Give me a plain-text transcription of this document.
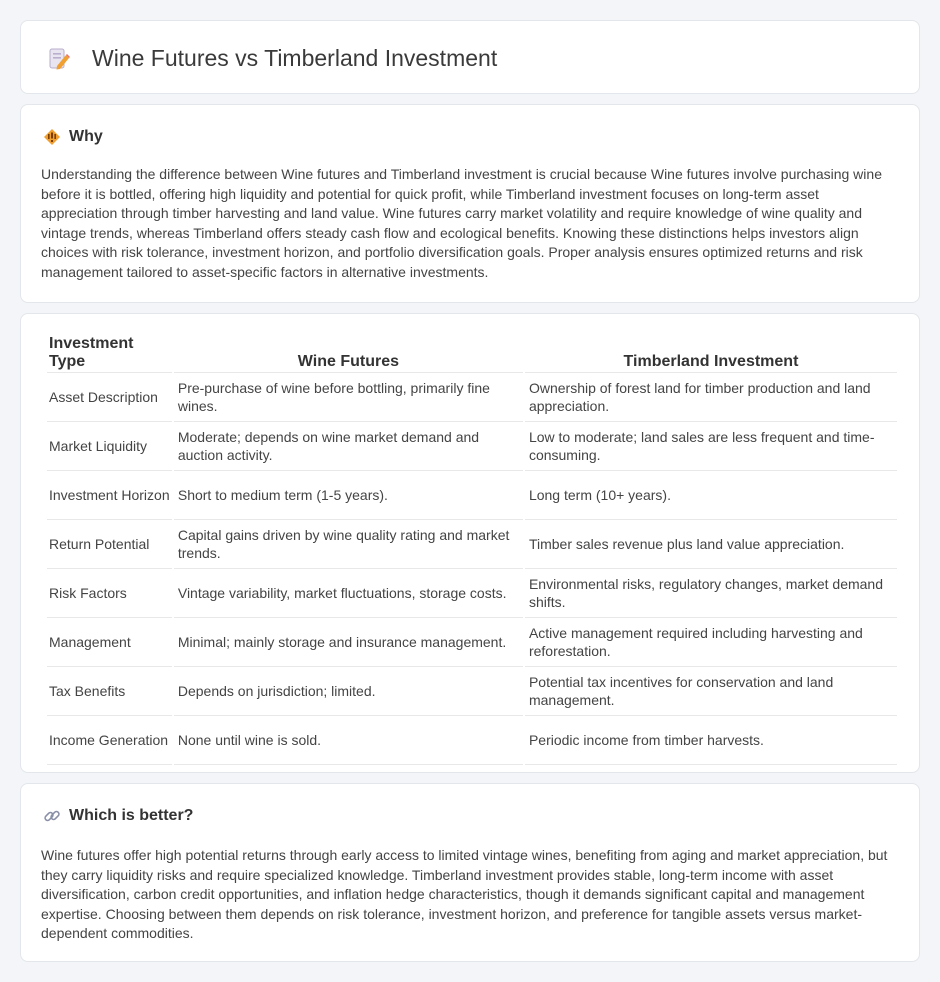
Wine Futures vs Timberland Investment
Why

Understanding the difference between Wine futures and Timberland investment is crucial because Wine futures involve purchasing wine before it is bottled, offering high liquidity and potential for quick profit, while Timberland investment focuses on long-term asset appreciation through timber harvesting and land value. Wine futures carry market volatility and require knowledge of wine quality and vintage trends, whereas Timberland offers steady cash flow and ecological benefits. Knowing these distinctions helps investors align choices with risk tolerance, investment horizon, and portfolio diversification goals. Proper analysis ensures optimized returns and risk management tailored to asset-specific factors in alternative investments.

Investment Type	Wine Futures	Timberland Investment
Asset Description	Pre-purchase of wine before bottling, primarily fine wines.	Ownership of forest land for timber production and land appreciation.
Market Liquidity	Moderate; depends on wine market demand and auction activity.	Low to moderate; land sales are less frequent and time-consuming.
Investment Horizon	Short to medium term (1-5 years).	Long term (10+ years).
Return Potential	Capital gains driven by wine quality rating and market trends.	Timber sales revenue plus land value appreciation.
Risk Factors	Vintage variability, market fluctuations, storage costs.	Environmental risks, regulatory changes, market demand shifts.
Management	Minimal; mainly storage and insurance management.	Active management required including harvesting and reforestation.
Tax Benefits	Depends on jurisdiction; limited.	Potential tax incentives for conservation and land management.
Income Generation	None until wine is sold.	Periodic income from timber harvests.
Which is better?

Wine futures offer high potential returns through early access to limited vintage wines, benefiting from aging and market appreciation, but they carry liquidity risks and require specialized knowledge. Timberland investment provides stable, long-term income with asset diversification, carbon credit opportunities, and inflation hedge characteristics, though it demands significant capital and management expertise. Choosing between them depends on risk tolerance, investment horizon, and preference for tangible assets versus market-dependent commodities.
